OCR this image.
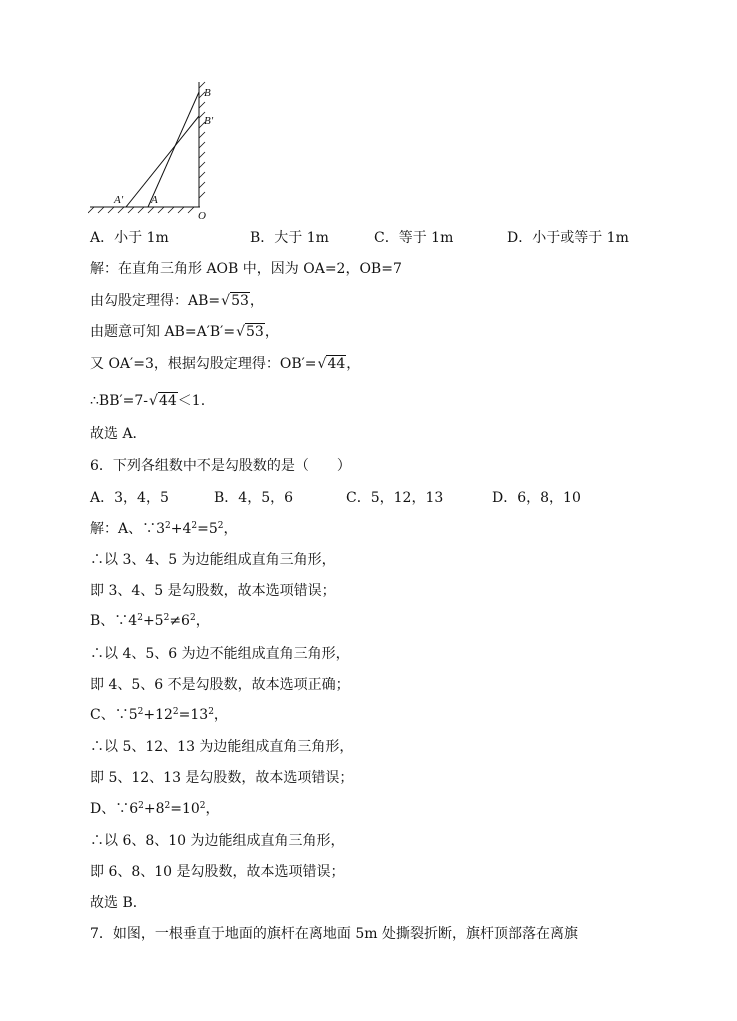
B
B′
A′	A
O
A．小于 1m	B．大于 1m	C．等于 1m	D．小于或等于 1m
解：在直角三角形 AOB 中，因为 OA=2，OB=7
由勾股定理得：AB=√53，
由题意可知 AB=A′B′=√53，
又 OA′=3，根据勾股定理得：OB′=√44，
∴BB′=7-√44＜1.
故选 A．
6．下列各组数中不是勾股数的是（　　）
A．3，4，5	B．4，5，6	C．5，12，13	D．6，8，10
解：A、$\because 3^2+4^2=5^2$，
∴以 3、4、5 为边能组成直角三角形，
即 3、4、5 是勾股数，故本选项错误；
B、$\because 4^2+5^2\ne 6^2$，
∴以 4、5、6 为边不能组成直角三角形，
即 4、5、6 不是勾股数，故本选项正确；
C、$\because 5^2+12^2=13^2$，
∴以 5、12、13 为边能组成直角三角形，
即 5、12、13 是勾股数，故本选项错误；
D、$\because 6^2+8^2=10^2$，
∴以 6、8、10 为边能组成直角三角形，
即 6、8、10 是勾股数，故本选项错误；
故选 B．
7．如图，一根垂直于地面的旗杆在离地面 5m 处撕裂折断，旗杆顶部落在离旗
